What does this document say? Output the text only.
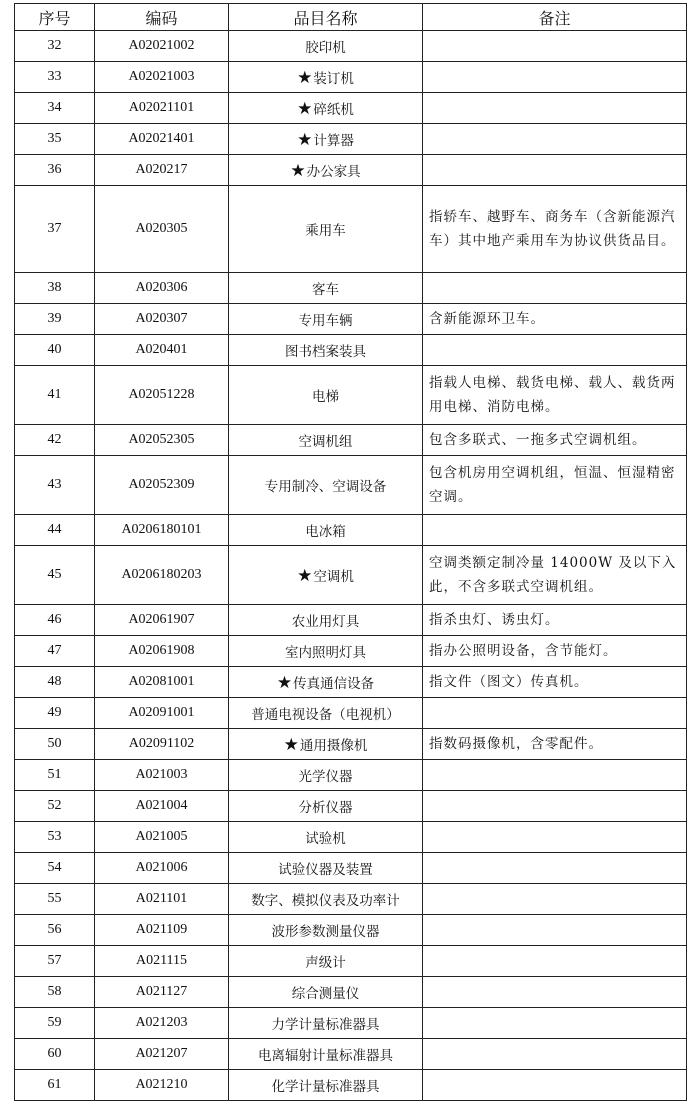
序号	编码	品目名称	备注
32	A02021002	胶印机	
33	A02021003	★装订机	
34	A02021101	★碎纸机	
35	A02021401	★计算器	
36	A020217	★办公家具	
37	A020305	乘用车	指轿车、越野车、商务车（含新能源汽车）其中地产乘用车为协议供货品目。
38	A020306	客车	
39	A020307	专用车辆	含新能源环卫车。
40	A020401	图书档案装具	
41	A02051228	电梯	指载人电梯、载货电梯、载人、载货两用电梯、消防电梯。
42	A02052305	空调机组	包含多联式、一拖多式空调机组。
43	A02052309	专用制冷、空调设备	包含机房用空调机组，恒温、恒湿精密空调。
44	A0206180101	电冰箱	
45	A0206180203	★空调机	空调类额定制冷量 14000W 及以下入此，不含多联式空调机组。
46	A02061907	农业用灯具	指杀虫灯、诱虫灯。
47	A02061908	室内照明灯具	指办公照明设备，含节能灯。
48	A02081001	★传真通信设备	指文件（图文）传真机。
49	A02091001	普通电视设备（电视机）	
50	A02091102	★通用摄像机	指数码摄像机，含零配件。
51	A021003	光学仪器	
52	A021004	分析仪器	
53	A021005	试验机	
54	A021006	试验仪器及装置	
55	A021101	数字、模拟仪表及功率计	
56	A021109	波形参数测量仪器	
57	A021115	声级计	
58	A021127	综合测量仪	
59	A021203	力学计量标准器具	
60	A021207	电离辐射计量标准器具	
61	A021210	化学计量标准器具	
